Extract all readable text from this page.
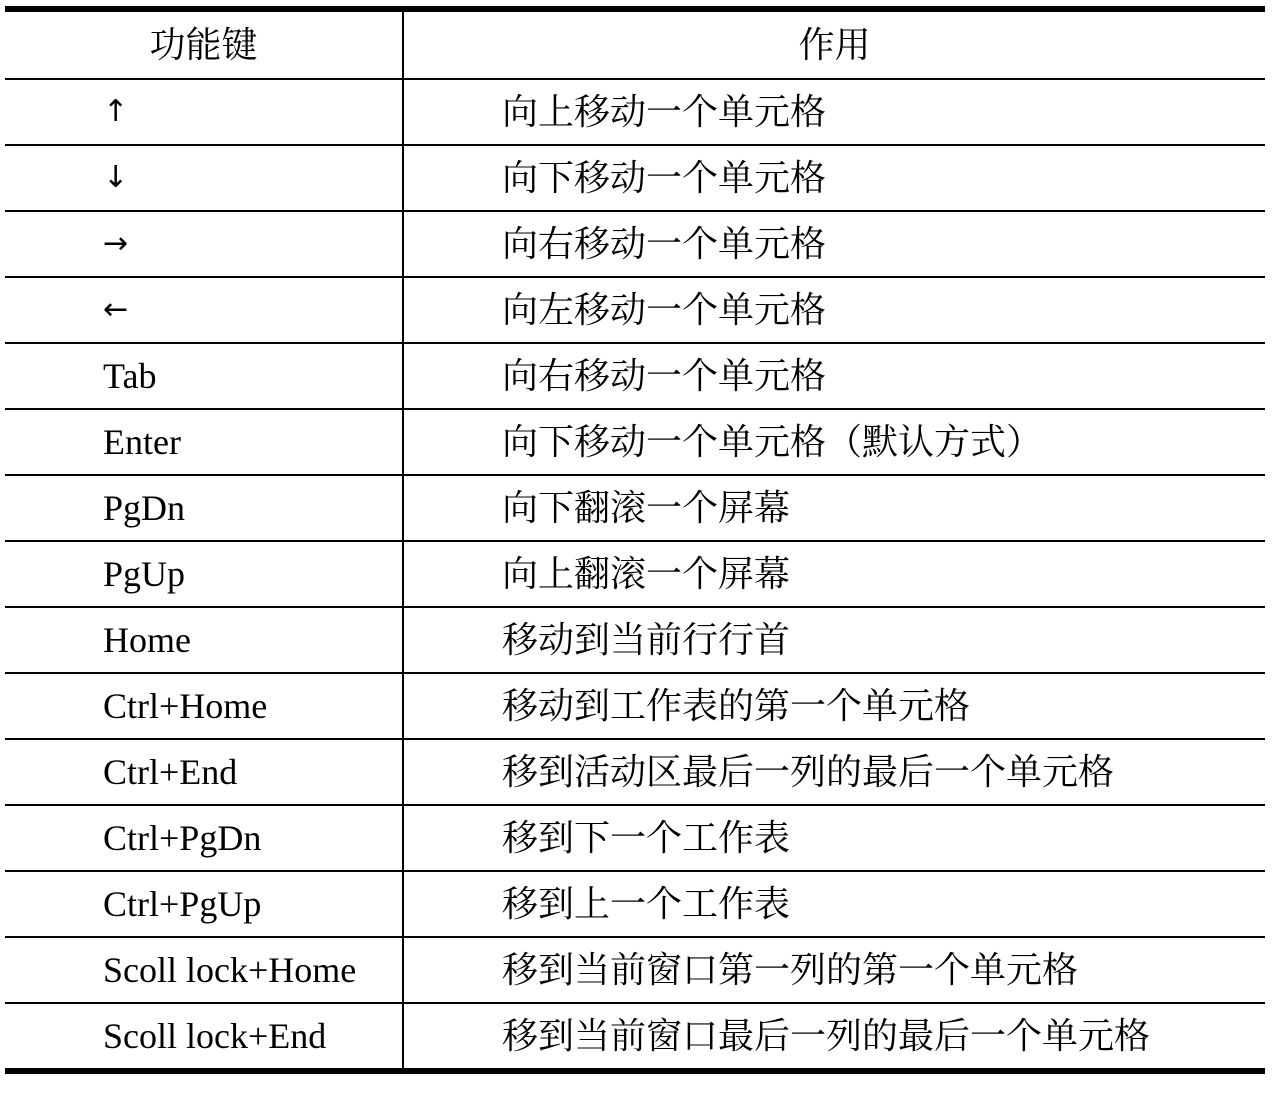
功能键	作用
↑	向上移动一个单元格
↓	向下移动一个单元格
→	向右移动一个单元格
←	向左移动一个单元格
Tab	向右移动一个单元格
Enter	向下移动一个单元格（默认方式）
PgDn	向下翻滚一个屏幕
PgUp	向上翻滚一个屏幕
Home	移动到当前行行首
Ctrl+Home	移动到工作表的第一个单元格
Ctrl+End	移到活动区最后一列的最后一个单元格
Ctrl+PgDn	移到下一个工作表
Ctrl+PgUp	移到上一个工作表
Scoll lock+Home	移到当前窗口第一列的第一个单元格
Scoll lock+End	移到当前窗口最后一列的最后一个单元格
